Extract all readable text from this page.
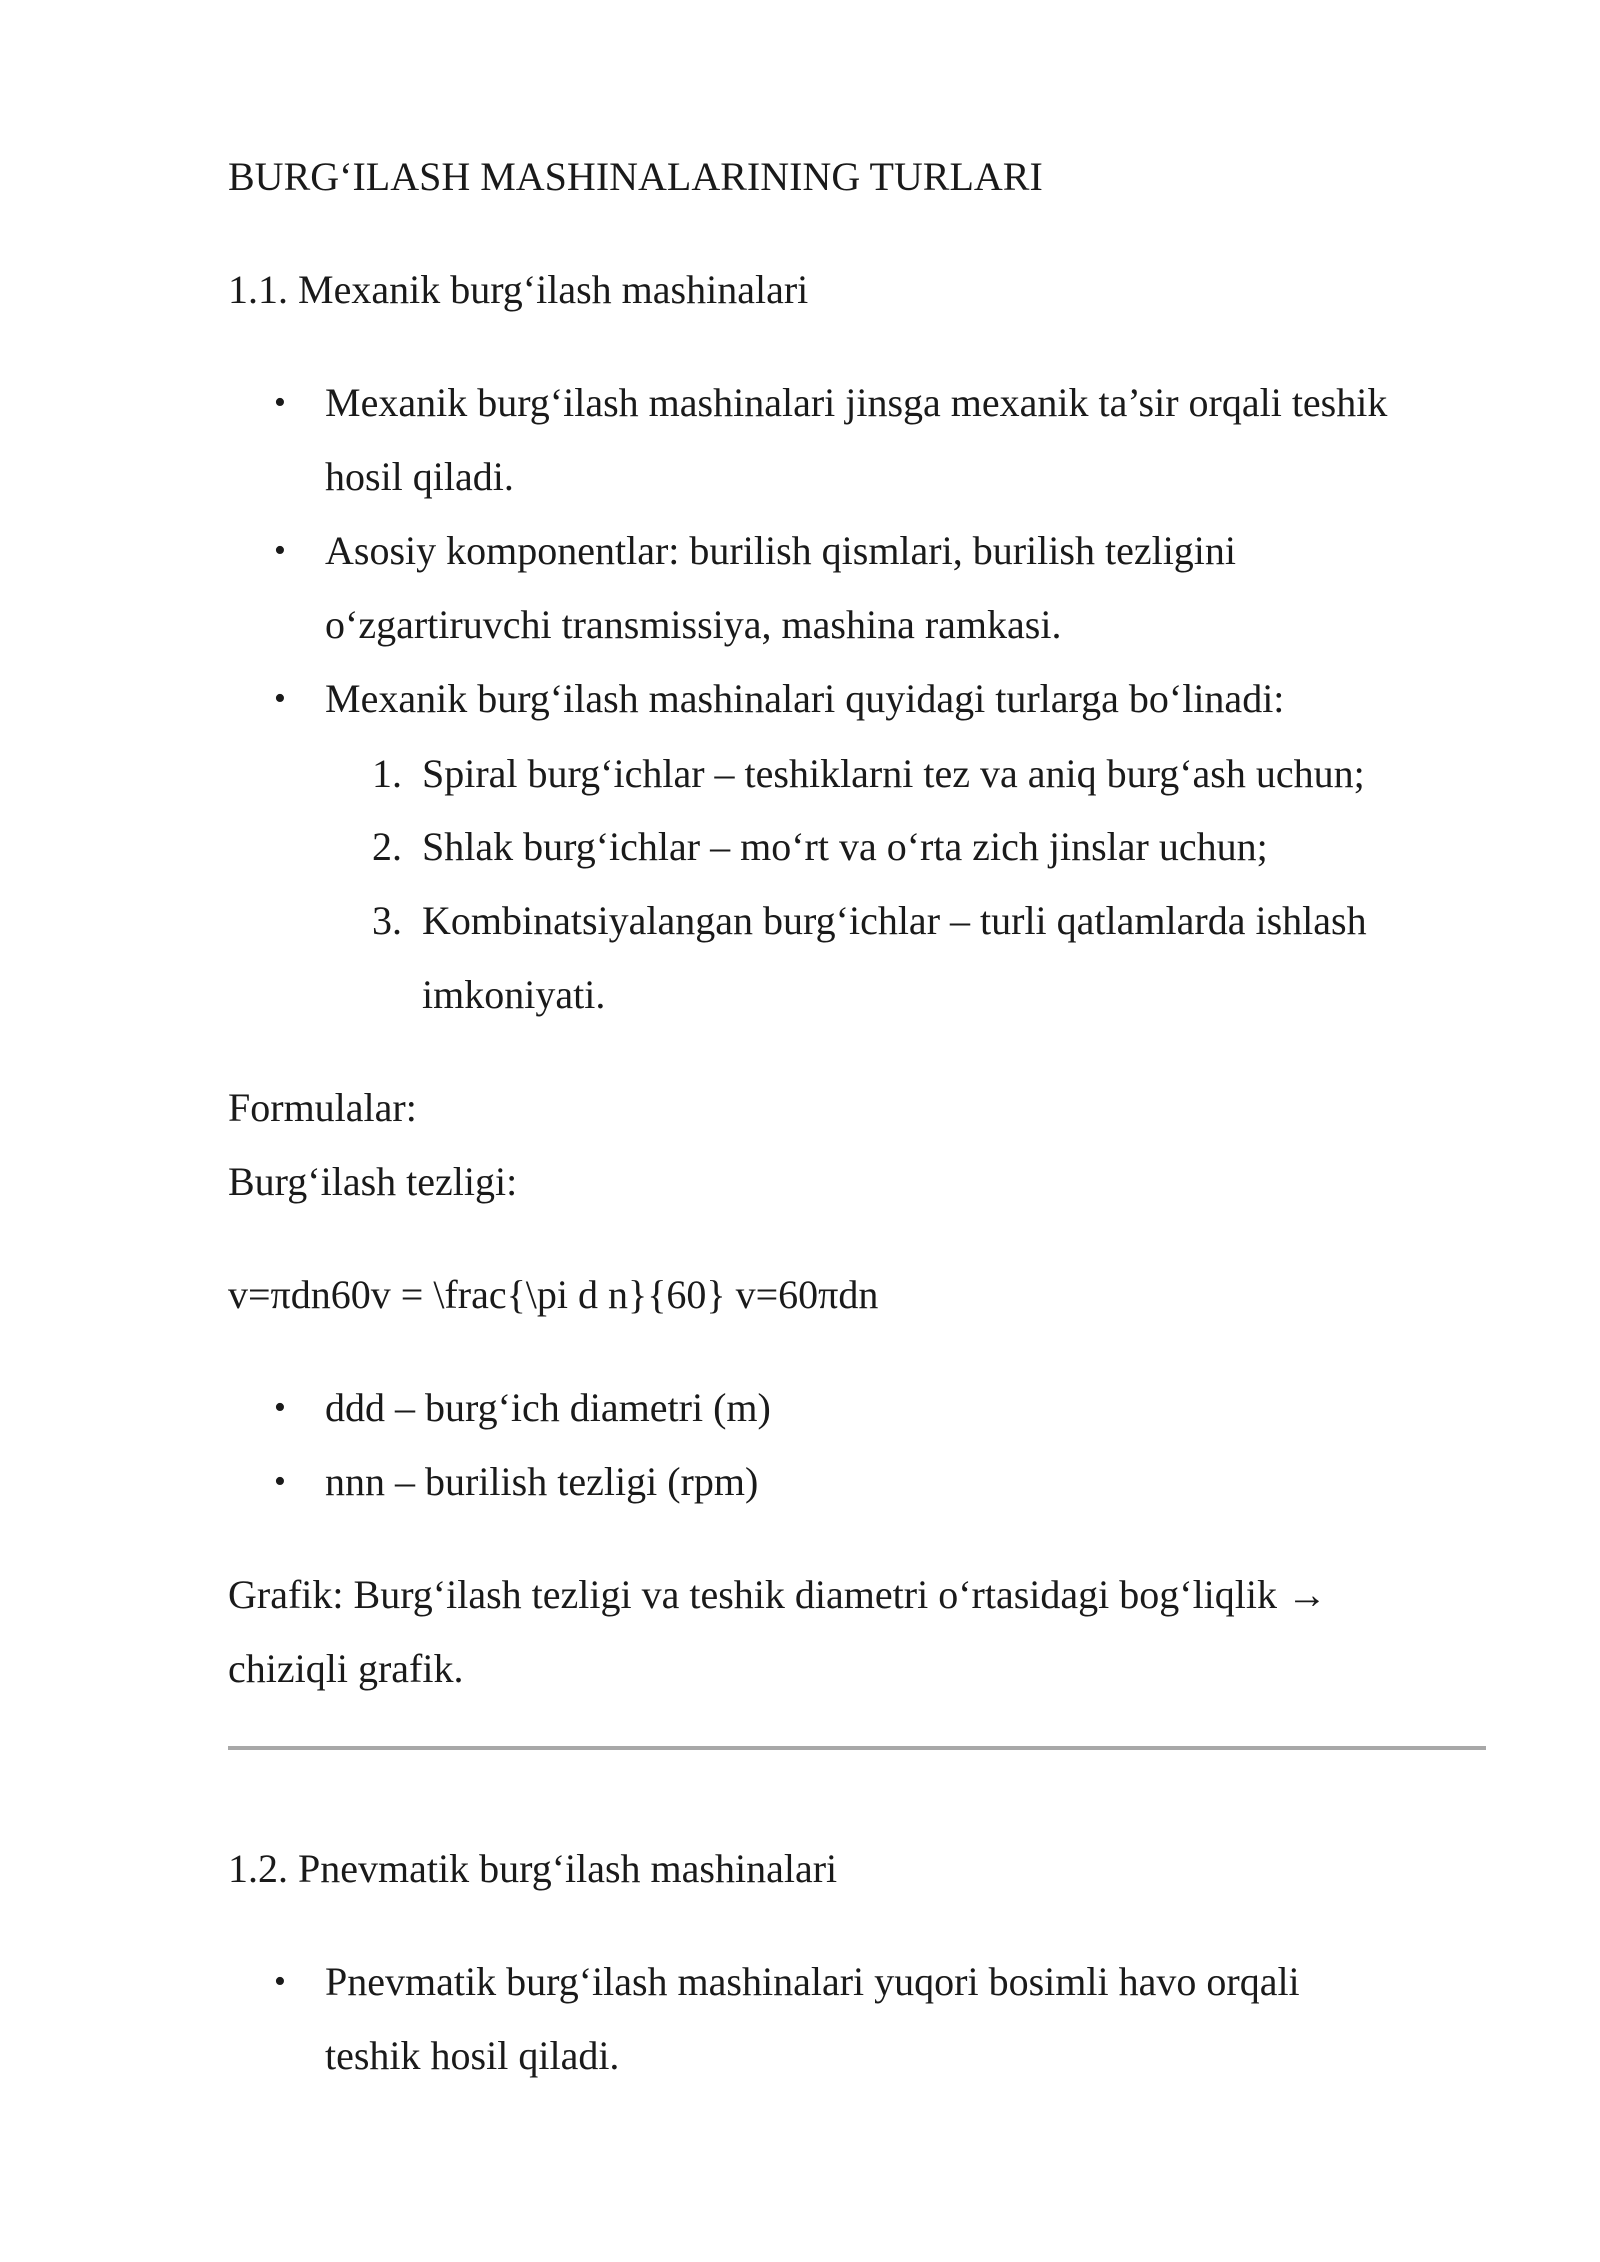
BURG‘ILASH MASHINALARINING TURLARI
1.1. Mexanik burg‘ilash mashinalari
• Mexanik burg‘ilash mashinalari jinsga mexanik ta’sir orqali teshik
hosil qiladi.
• Asosiy komponentlar: burilish qismlari, burilish tezligini
o‘zgartiruvchi transmissiya, mashina ramkasi.
• Mexanik burg‘ilash mashinalari quyidagi turlarga bo‘linadi:
1. Spiral burg‘ichlar – teshiklarni tez va aniq burg‘ash uchun;
2. Shlak burg‘ichlar – mo‘rt va o‘rta zich jinslar uchun;
3. Kombinatsiyalangan burg‘ichlar – turli qatlamlarda ishlash
imkoniyati.
Formulalar:
Burg‘ilash tezligi:
v=πdn60v = \frac{\pi d n}{60} v=60πdn
• ddd – burg‘ich diametri (m)
• nnn – burilish tezligi (rpm)
Grafik: Burg‘ilash tezligi va teshik diametri o‘rtasidagi bog‘liqlik →
chiziqli grafik.
1.2. Pnevmatik burg‘ilash mashinalari
• Pnevmatik burg‘ilash mashinalari yuqori bosimli havo orqali
teshik hosil qiladi.
